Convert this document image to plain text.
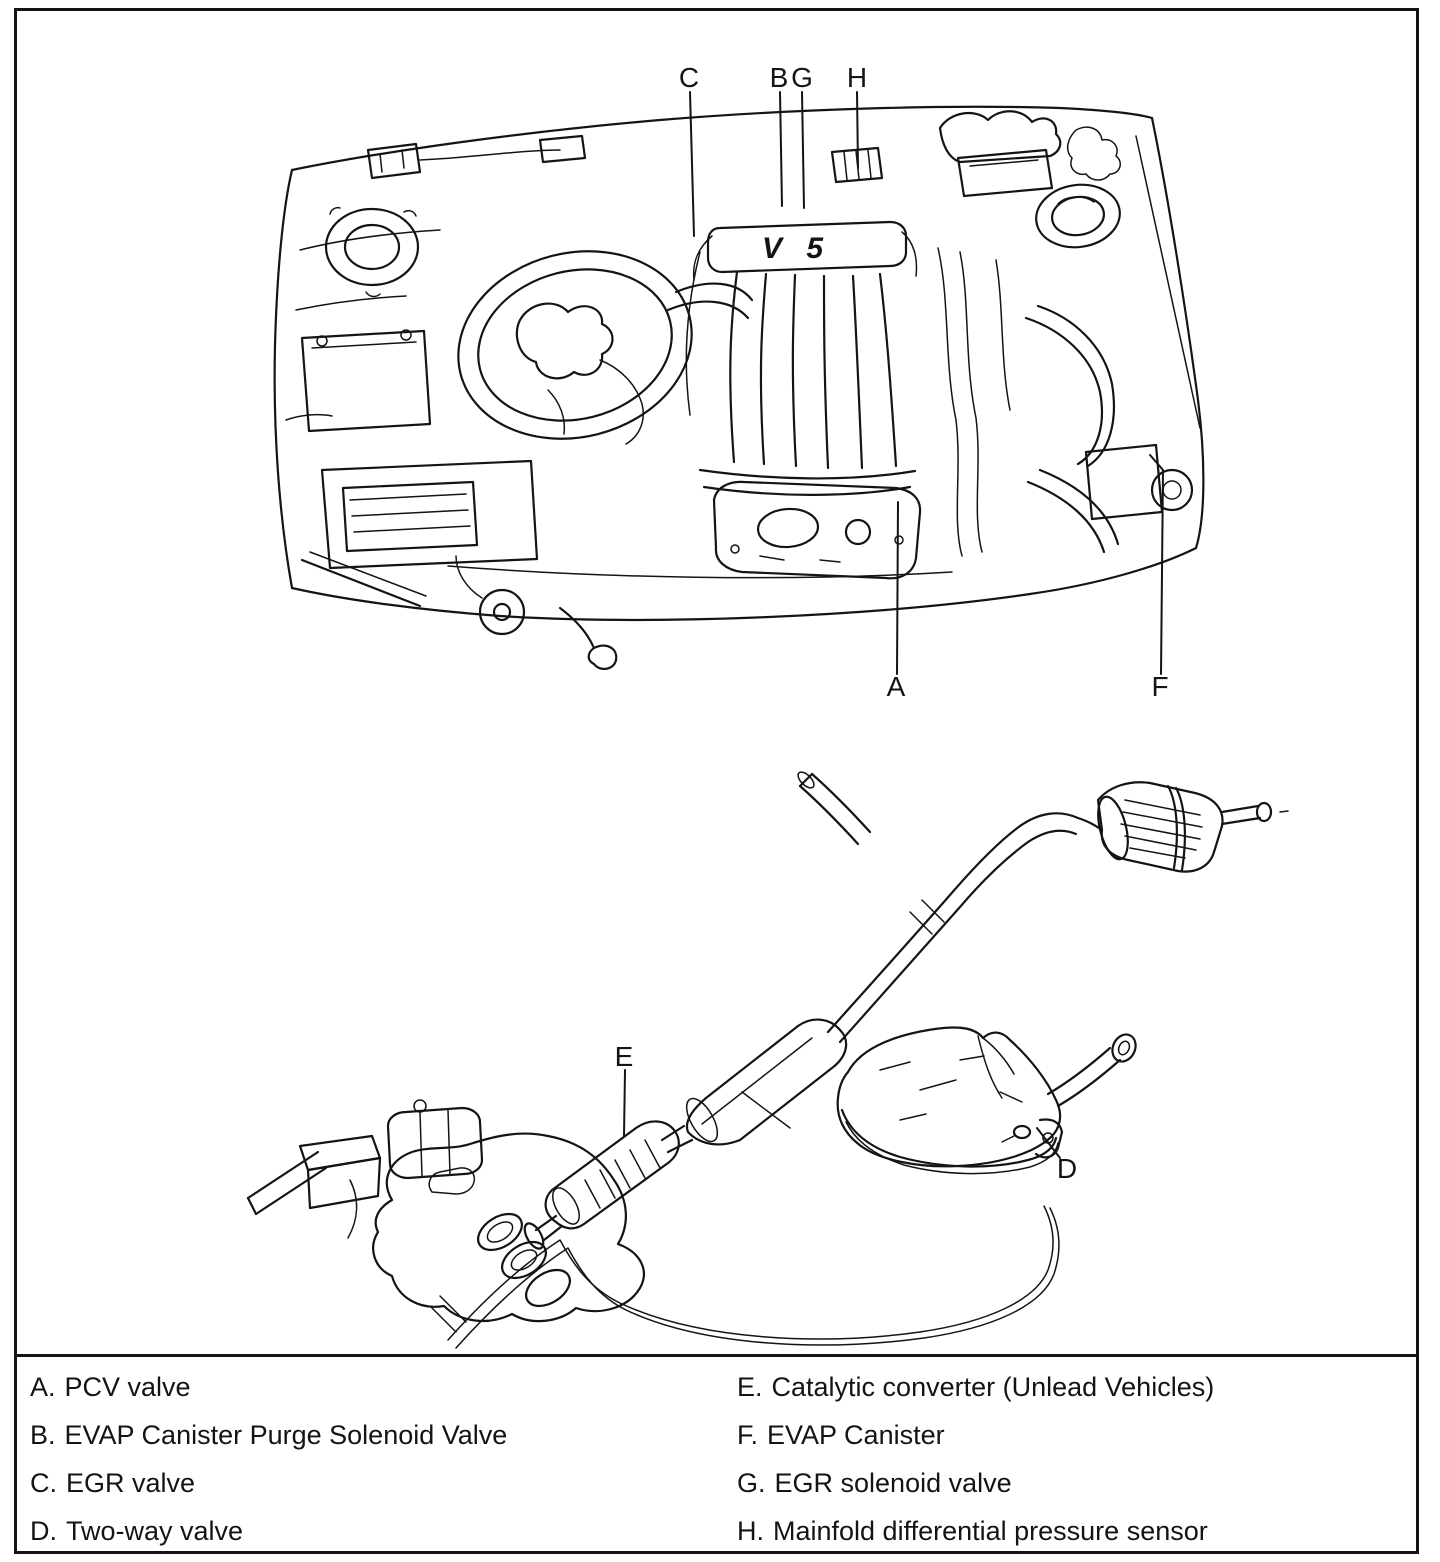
V 5
C	B G H
A	F
E
D
A. PCV valve
B. EVAP Canister Purge Solenoid Valve
C. EGR valve
D. Two-way valve
E. Catalytic converter (Unlead Vehicles)
F. EVAP Canister
G. EGR solenoid valve
H. Mainfold differential pressure sensor
